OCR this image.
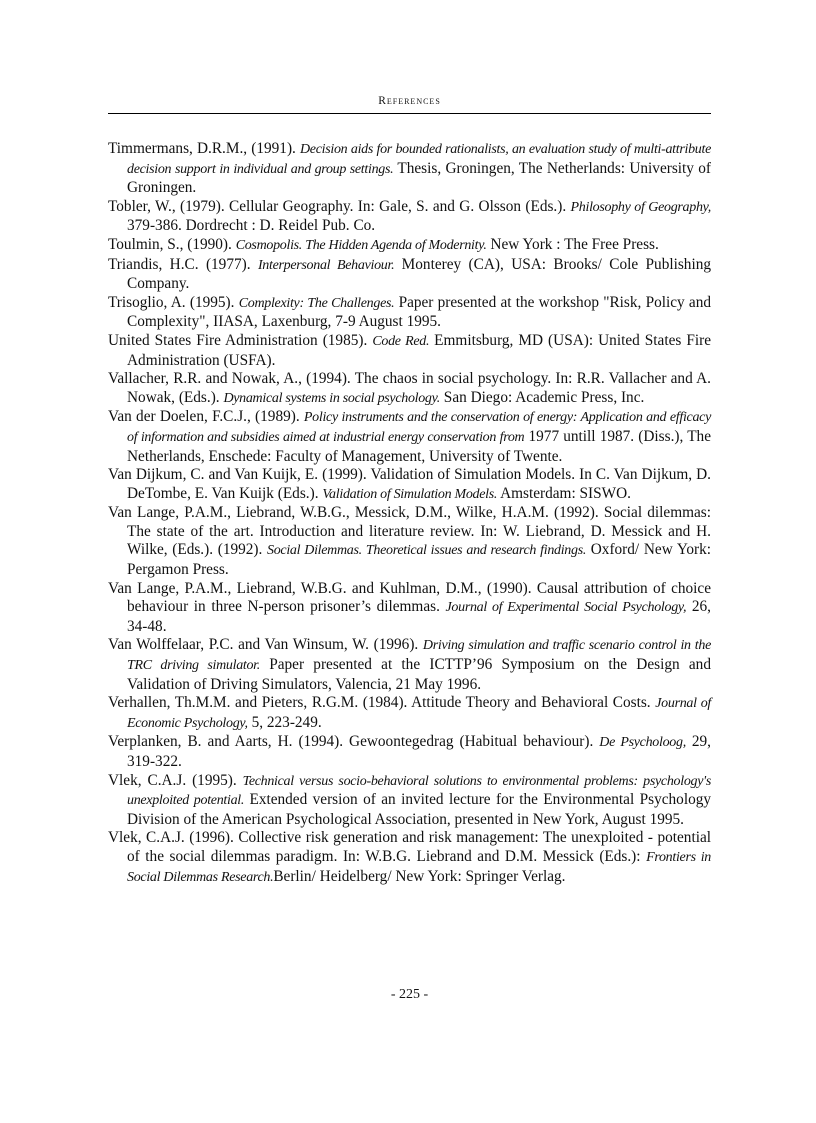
References

Timmermans, D.R.M., (1991). Decision aids for bounded rationalists, an evaluation study of multi-attribute decision support in individual and group settings. Thesis, Groningen, The Netherlands: University of Groningen.

Tobler, W., (1979). Cellular Geography. In: Gale, S. and G. Olsson (Eds.). Philosophy of Geography, 379-386. Dordrecht : D. Reidel Pub. Co.

Toulmin, S., (1990). Cosmopolis. The Hidden Agenda of Modernity. New York : The Free Press.

Triandis, H.C. (1977). Interpersonal Behaviour. Monterey (CA), USA: Brooks/ Cole Publishing Company.

Trisoglio, A. (1995). Complexity: The Challenges. Paper presented at the workshop "Risk, Policy and Complexity", IIASA, Laxenburg, 7-9 August 1995.

United States Fire Administration (1985). Code Red. Emmitsburg, MD (USA): United States Fire Administration (USFA).

Vallacher, R.R. and Nowak, A., (1994). The chaos in social psychology. In: R.R. Vallacher and A. Nowak, (Eds.). Dynamical systems in social psychology. San Diego: Academic Press, Inc.

Van der Doelen, F.C.J., (1989). Policy instruments and the conservation of energy: Application and efficacy of information and subsidies aimed at industrial energy conservation from 1977 untill 1987. (Diss.), The Netherlands, Enschede: Faculty of Management, University of Twente.

Van Dijkum, C. and Van Kuijk, E. (1999). Validation of Simulation Models. In C. Van Dijkum, D. DeTombe, E. Van Kuijk (Eds.). Validation of Simulation Models. Amsterdam: SISWO.

Van Lange, P.A.M., Liebrand, W.B.G., Messick, D.M., Wilke, H.A.M. (1992). Social dilemmas: The state of the art. Introduction and literature review. In: W. Liebrand, D. Messick and H. Wilke, (Eds.). (1992). Social Dilemmas. Theoretical issues and research findings. Oxford/ New York: Pergamon Press.

Van Lange, P.A.M., Liebrand, W.B.G. and Kuhlman, D.M., (1990). Causal attribution of choice behaviour in three N-person prisoner’s dilemmas. Journal of Experimental Social Psychology, 26, 34-48.

Van Wolffelaar, P.C. and Van Winsum, W. (1996). Driving simulation and traffic scenario control in the TRC driving simulator. Paper presented at the ICTTP’96 Symposium on the Design and Validation of Driving Simulators, Valencia, 21 May 1996.

Verhallen, Th.M.M. and Pieters, R.G.M. (1984). Attitude Theory and Behavioral Costs. Journal of Economic Psychology, 5, 223-249.

Verplanken, B. and Aarts, H. (1994). Gewoontegedrag (Habitual behaviour). De Psycholoog, 29, 319-322.

Vlek, C.A.J. (1995). Technical versus socio-behavioral solutions to environmental problems: psychology's unexploited potential. Extended version of an invited lecture for the Environmental Psychology Division of the American Psychological Association, presented in New York, August 1995.

Vlek, C.A.J. (1996). Collective risk generation and risk management: The unexploited - potential of the social dilemmas paradigm. In: W.B.G. Liebrand and D.M. Messick (Eds.): Frontiers in Social Dilemmas Research.Berlin/ Heidelberg/ New York: Springer Verlag.

- 225 -
